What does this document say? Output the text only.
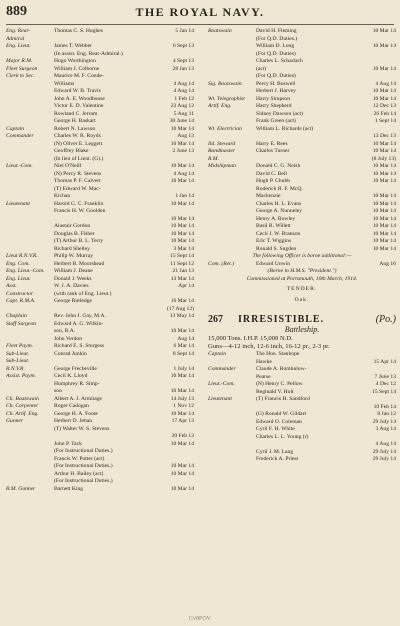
889	THE ROYAL NAVY.
Eng. Rear-	Thomas C. S. Hughes	5 Jan 14
Admiral
Eng. Lieut.	James T. Webber	6 Sept 13
(In assist. Eng. Rear-Admiral.)
Major R.M.	Hugo Worthington	4 Sept 13
Fleet Surgeon	William J. Colborne	28 Jan 13
Clerk to Sec.	Maurice M. F. Conde-
Williams	4 Aug 14
Edward W. B. Travis	4 Aug 14
John A. E. Woodhouse	1 Feb 12
Victor E. D. Valentine	23 Aug 12
Rowland C. Jerram	5 Aug 11
George H. Baskart	30 June 14
Captain	Robert N. Lawson	10 Mar 14
Commander	Charles W. R. Royds	Aug 13
(N) Oliver E. Leggett	10 Mar 14
Geoffrey Blake	2 June 13
(In lieu of Lieut. (G).)
Lieut.-Com.	Niel O'Neill	10 Mar 14
(N) Percy R. Stevens	4 Aug 14
Thomas P. F. Calvert	10 Mar 14
(T) Edward W. Mac-
Kichan	1 Jan 14
Lieutenant	Harold G. C. Franklin	10 Mar 14
Francis H. W. Goolden
10 Mar 14
Alastair Gordon	10 Mar 14
Douglas B. Fisher	10 Mar 14
(T) Arthur B. L. Terry	10 Mar 14
Richard Shelley	3 Mar 14
Lieut R.N.V.R.	Philip W. Murray	15 Sept 14
Eng. Com.	Herbert B. Moorshead	11 Sept 12
Eng. Lieut.-Com.	William J. Deane	21 Jan 13
Eng. Lieut.	Donald J. Weeks	13 Mar 14
Asst.	W. J. A. Davies	Apr 14
Constructor	(with rank of Eng. Lieut.)
Capt. R.M.A.	George Rutledge	16 Mar 14
(17 Aug 12)
Chaplain	Rev. John J. Gay, M.A.	13 May 14
Staff Surgeon	Edward A. G. Wilkin-
son, B.A.	10 Mar 14
John Verdon	Aug 14
Fleet Paym.	Richard E. S. Sturgess	6 Mar 14
Sub-Lieut.	Conrad Junkin	8 Sept 14
Sub-Lieut.
R.N.V.R.	George Frecheville	1 July 14
Assist. Paym.	Cecil K. Lloyd	10 Mar 14
Humphrey R. Simp-
son	10 Mar 14
Ch. Boatswain	Albert A. J. Armitage	14 July 13
Ch. Carpenter	Roger Cadogan	1 Nov 12
Ch. Artif. Eng.	George H. A. Foote	10 Mar 14
Gunner	Herbert D. Jeban	17 Apr 13
(T) Walter W. S. Stevens
20 Feb 13
John P. Tack	10 Mar 14
(For Instructional Duties.)
Francis W. Potter (act)
(For Instructional Duties.)	10 Mar 14
Arthur H. Bailey (act)	10 Mar 14
(For Instructional Duties.)
R.M. Gunner	Barnett King	10 Mar 14
Boatswain	David H. Fleming	10 Mar 14
(For Q.D. Duties.)
William D. Long	10 Mar 14
(For Q.D. Duties)
Charles L. Scharlach
(act)	10 Mar 14
(For Q.D. Duties)
Sig. Boatswain.	Percy H. Buswell	4 Aug 14
Herbert J. Harvey	10 Mar 14
Wt. Telegraphist	Harry Simpson	10 Mar 14
Artif. Eng.	Harry Shepherd	12 Dec 13
Sidney Dawson (act)	26 Feb 14
Frank Green (act)	1 Sept 14
Wt. Electrician	William L. Richards (act)
13 Dec 13
Ild. Steward	Harry E. Rees	10 Mar 14
Bandmaster	Charles Turner	10 Mar 14
R.M.	(8 July 13)
Midshipman	Donald C. G. Neish	10 Mar 14
David C. Bell	10 Mar 14
Hugh P. Chubb	10 Mar 14
Roderick R. F. McQ.
Mackenzie	10 Mar 14
Charles H. L. Evans	10 Mar 14
George A. Nunneley	10 Mar 14
Henry A. Rowley	10 Mar 14
Basil R. Willett	10 Mar 14
Cecil J. W. Branson	10 Mar 14
Eric T. Wiggins	10 Mar 14
Ronald S. Sugden	10 Mar 14
The following Officer is borne additional:—
Com. (Ret.)	Edward Unwin	Aug 16
(Borne in H.M.S. "President.")
Commissioned at Portsmouth, 10th March, 1914.
TENDER.
Oak.
267	IRRESISTIBLE.	(Po.)
Battleship.
15,000 Tons. I.H.P. 15,000 N.D.
Guns—4-12 inch, 12-6 inch, 16-12 pr., 2-3 pr.
Captain	The Hon. Stanhope
Hawke	15 Apr 14
Commander	Claude A. Rombulow-
Pearse	7 June 13
Lieut.-Com.	(N) Henry C. Pellow	4 Dec 12
Reginald V. Holt	15 Sept 14
Lieutenant	(T) Francis H. Sandford
10 Feb 14
(G) Ronald W. Gildart	8 Jan 12
Edward O. Coleman	29 July 14
Cyril F. H. White	3 Aug 14
Charles L. L. Young (r)
4 Aug 14
Cyril J. M. Lang	29 July 14
Frederick A. Priest	29 July 14
Cv8FOV
